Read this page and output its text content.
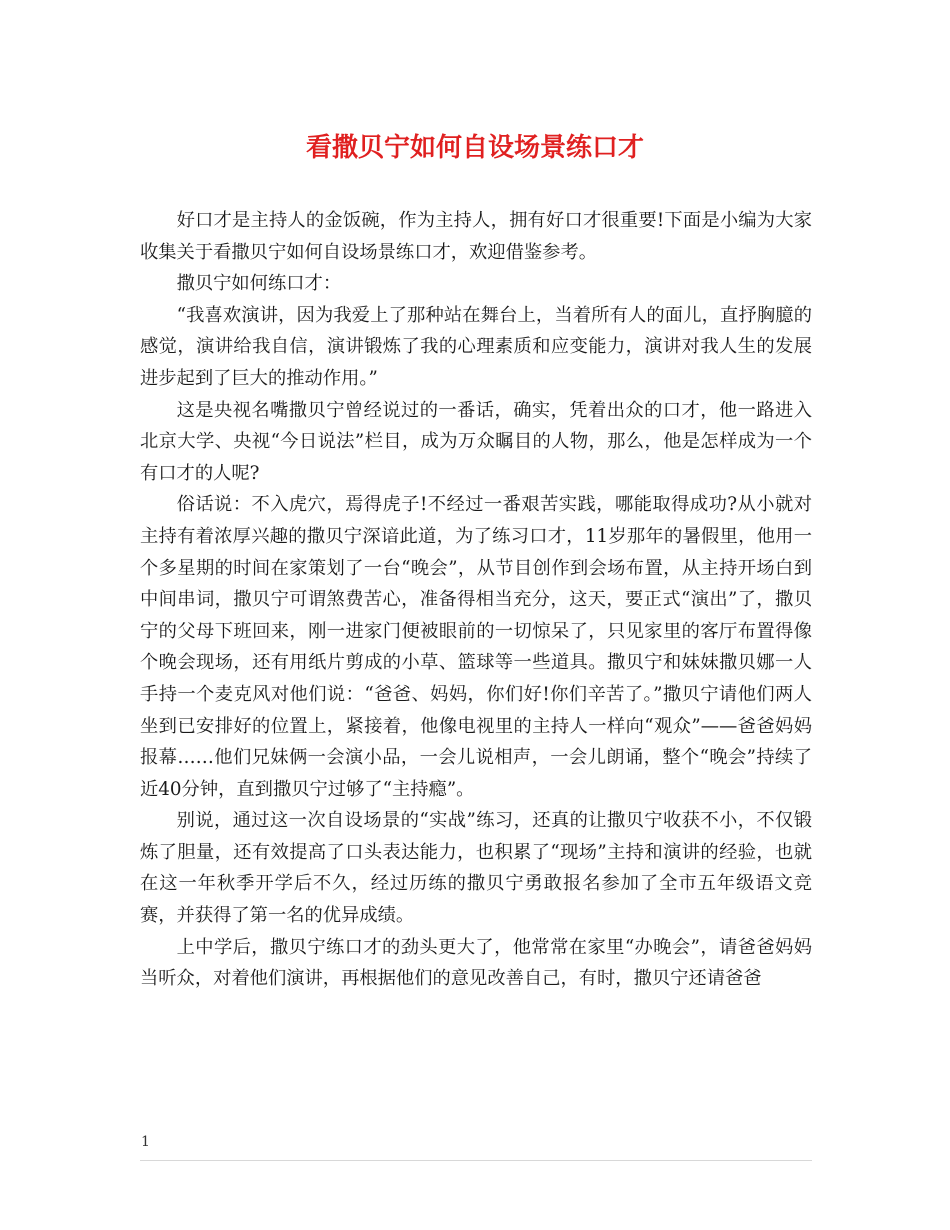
看撒贝宁如何自设场景练口才

好口才是主持人的金饭碗，作为主持人，拥有好口才很重要!下面是小编为大家收集关于看撒贝宁如何自设场景练口才，欢迎借鉴参考。

撒贝宁如何练口才：

“我喜欢演讲，因为我爱上了那种站在舞台上，当着所有人的面儿，直抒胸臆的感觉，演讲给我自信，演讲锻炼了我的心理素质和应变能力，演讲对我人生的发展进步起到了巨大的推动作用。”

这是央视名嘴撒贝宁曾经说过的一番话，确实，凭着出众的口才，他一路进入北京大学、央视“今日说法”栏目，成为万众瞩目的人物，那么，他是怎样成为一个有口才的人呢?

俗话说：不入虎穴，焉得虎子!不经过一番艰苦实践，哪能取得成功?从小就对主持有着浓厚兴趣的撒贝宁深谙此道，为了练习口才，11岁那年的暑假里，他用一个多星期的时间在家策划了一台“晚会”，从节目创作到会场布置，从主持开场白到中间串词，撒贝宁可谓煞费苦心，准备得相当充分，这天，要正式“演出”了，撒贝宁的父母下班回来，刚一进家门便被眼前的一切惊呆了，只见家里的客厅布置得像个晚会现场，还有用纸片剪成的小草、篮球等一些道具。撒贝宁和妹妹撒贝娜一人手持一个麦克风对他们说：“爸爸、妈妈，你们好!你们辛苦了。”撒贝宁请他们两人坐到已安排好的位置上，紧接着，他像电视里的主持人一样向“观众”——爸爸妈妈报幕……他们兄妹俩一会演小品，一会儿说相声，一会儿朗诵，整个“晚会”持续了近40分钟，直到撒贝宁过够了“主持瘾”。

别说，通过这一次自设场景的“实战”练习，还真的让撒贝宁收获不小，不仅锻炼了胆量，还有效提高了口头表达能力，也积累了“现场”主持和演讲的经验，也就在这一年秋季开学后不久，经过历练的撒贝宁勇敢报名参加了全市五年级语文竞赛，并获得了第一名的优异成绩。

上中学后，撒贝宁练口才的劲头更大了，他常常在家里“办晚会”，请爸爸妈妈当听众，对着他们演讲，再根据他们的意见改善自己，有时，撒贝宁还请爸爸

1
